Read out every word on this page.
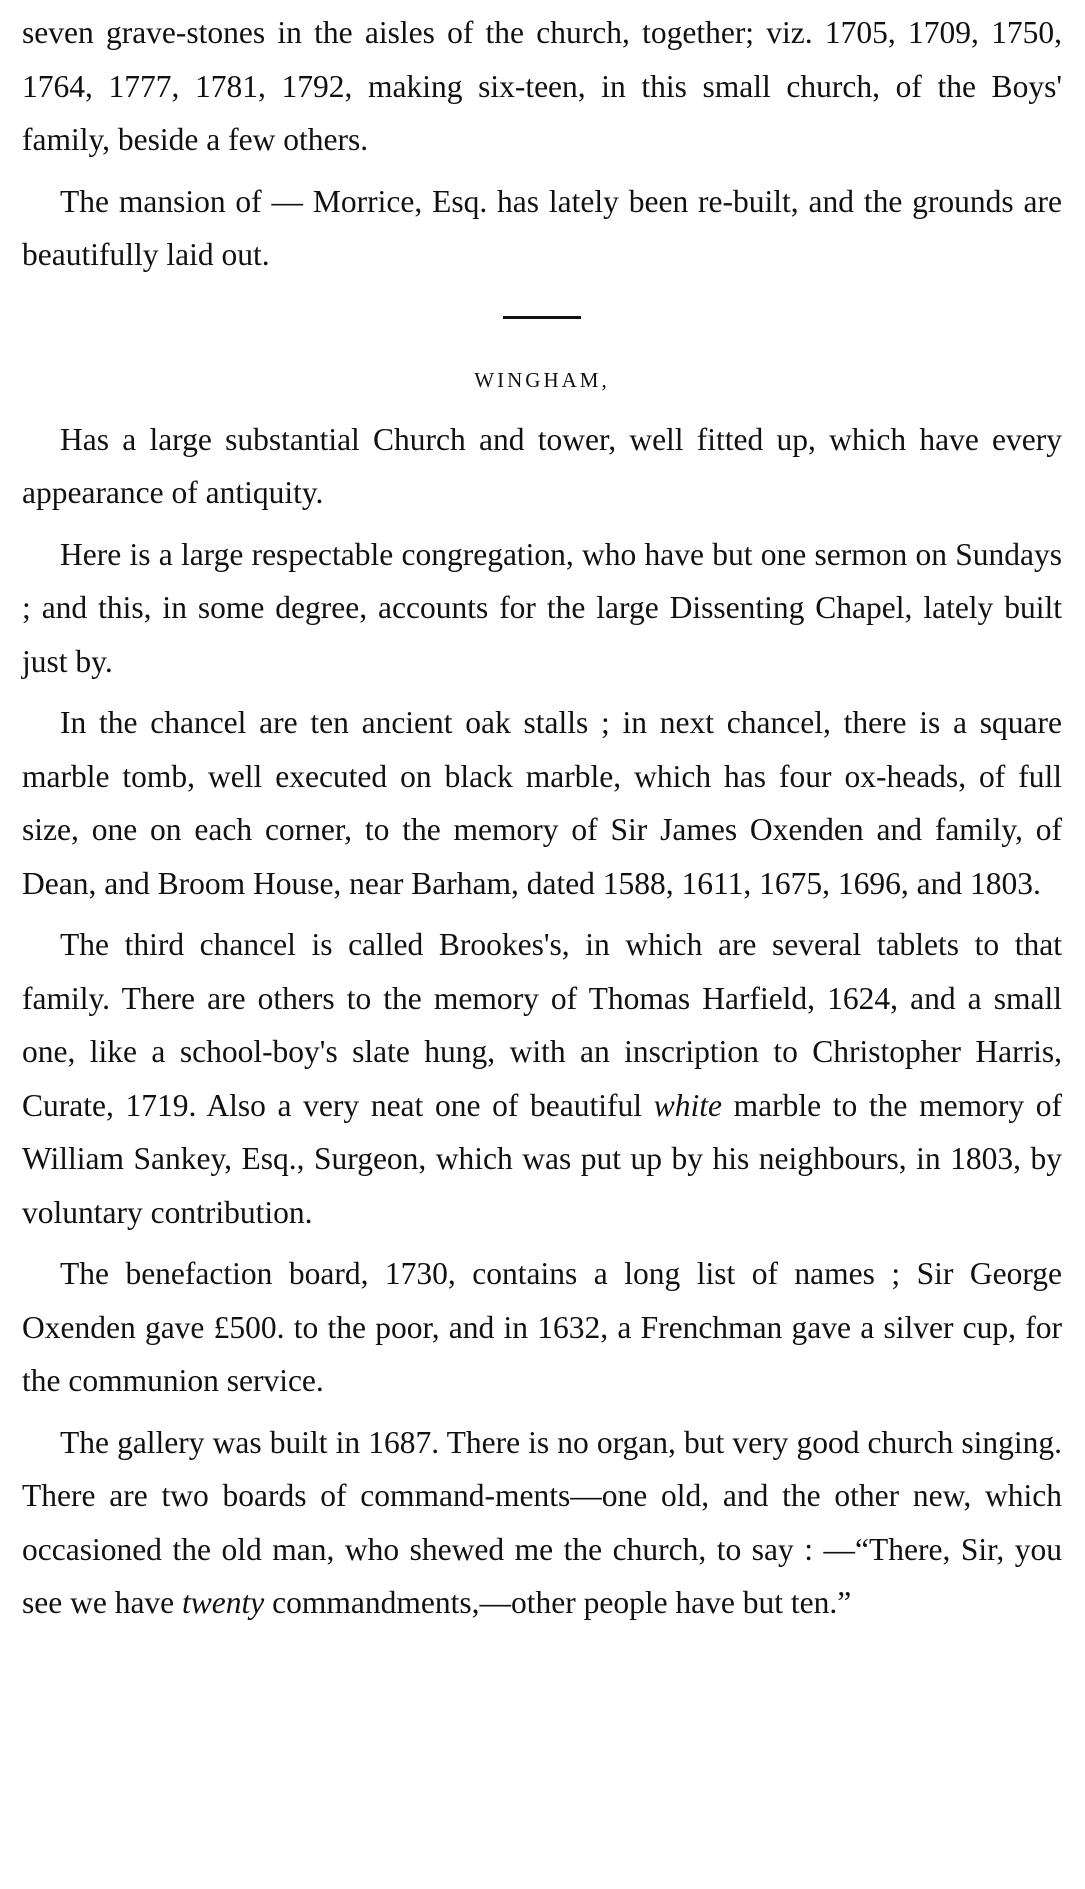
seven grave-stones in the aisles of the church, together; viz. 1705, 1709, 1750, 1764, 1777, 1781, 1792, making six-teen, in this small church, of the Boys' family, beside a few others.

The mansion of — Morrice, Esq. has lately been re-built, and the grounds are beautifully laid out.

WINGHAM,

Has a large substantial Church and tower, well fitted up, which have every appearance of antiquity.

Here is a large respectable congregation, who have but one sermon on Sundays ; and this, in some degree, accounts for the large Dissenting Chapel, lately built just by.

In the chancel are ten ancient oak stalls ; in next chancel, there is a square marble tomb, well executed on black marble, which has four ox-heads, of full size, one on each corner, to the memory of Sir James Oxenden and family, of Dean, and Broom House, near Barham, dated 1588, 1611, 1675, 1696, and 1803.

The third chancel is called Brookes's, in which are several tablets to that family. There are others to the memory of Thomas Harfield, 1624, and a small one, like a school-boy's slate hung, with an inscription to Christopher Harris, Curate, 1719. Also a very neat one of beautiful white marble to the memory of William Sankey, Esq., Surgeon, which was put up by his neighbours, in 1803, by voluntary contribution.

The benefaction board, 1730, contains a long list of names ; Sir George Oxenden gave £500. to the poor, and in 1632, a Frenchman gave a silver cup, for the communion service.

The gallery was built in 1687. There is no organ, but very good church singing. There are two boards of command-ments—one old, and the other new, which occasioned the old man, who shewed me the church, to say : —“There, Sir, you see we have twenty commandments,—other people have but ten.”
